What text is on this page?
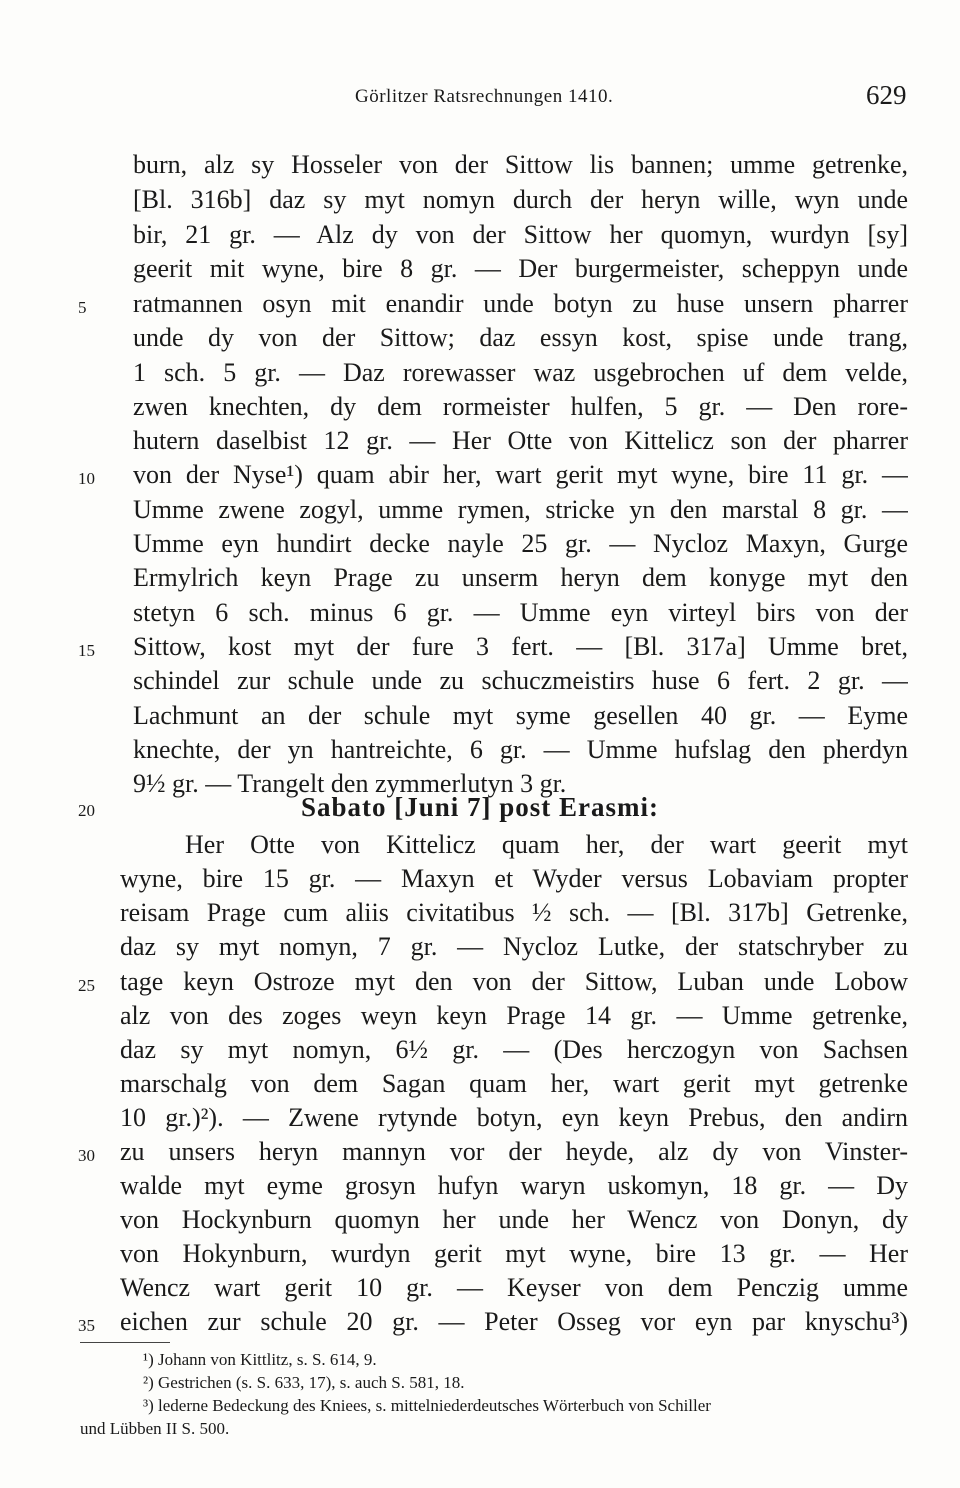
Görlitzer Ratsrechnungen 1410.	629
burn, alz sy Hosseler von der Sittow lis bannen; umme getrenke,
[Bl. 316b] daz sy myt nomyn durch der heryn wille, wyn unde
bir, 21 gr. — Alz dy von der Sittow her quomyn, wurdyn [sy]
geerit mit wyne, bire 8 gr. — Der burgermeister, scheppyn unde
ratmannen osyn mit enandir unde botyn zu huse unsern pharrer
unde dy von der Sittow; daz essyn kost, spise unde trang,
1 sch. 5 gr. — Daz rorewasser waz usgebrochen uf dem velde,
zwen knechten, dy dem rormeister hulfen, 5 gr. — Den rore-
hutern daselbist 12 gr. — Her Otte von Kittelicz son der pharrer
von der Nyse¹) quam abir her, wart gerit myt wyne, bire 11 gr. —
Umme zwene zogyl, umme rymen, stricke yn den marstal 8 gr. —
Umme eyn hundirt decke nayle 25 gr. — Nycloz Maxyn, Gurge
Ermylrich keyn Prage zu unserm heryn dem konyge myt den
stetyn 6 sch. minus 6 gr. — Umme eyn virteyl birs von der
Sittow, kost myt der fure 3 fert. — [Bl. 317a] Umme bret,
schindel zur schule unde zu schuczmeistirs huse 6 fert. 2 gr. —
Lachmunt an der schule myt syme gesellen 40 gr. — Eyme
knechte, der yn hantreichte, 6 gr. — Umme hufslag den pherdyn
9½ gr. — Trangelt den zymmerlutyn 3 gr.
Sabato [Juni 7] post Erasmi:
Her Otte von Kittelicz quam her, der wart geerit myt
wyne, bire 15 gr. — Maxyn et Wyder versus Lobaviam propter
reisam Prage cum aliis civitatibus ½ sch. — [Bl. 317b] Getrenke,
daz sy myt nomyn, 7 gr. — Nycloz Lutke, der statschryber zu
tage keyn Ostroze myt den von der Sittow, Luban unde Lobow
alz von des zoges weyn keyn Prage 14 gr. — Umme getrenke,
daz sy myt nomyn, 6½ gr. — (Des herczogyn von Sachsen
marschalg von dem Sagan quam her, wart gerit myt getrenke
10 gr.)²). — Zwene rytynde botyn, eyn keyn Prebus, den andirn
zu unsers heryn mannyn vor der heyde, alz dy von Vinster-
walde myt eyme grosyn hufyn waryn uskomyn, 18 gr. — Dy
von Hockynburn quomyn her unde her Wencz von Donyn, dy
von Hokynburn, wurdyn gerit myt wyne, bire 13 gr. — Her
Wencz wart gerit 10 gr. — Keyser von dem Penczig umme
eichen zur schule 20 gr. — Peter Osseg vor eyn par knyschu³)
5
10
15
20
25
30
35
¹) Johann von Kittlitz, s. S. 614, 9.
²) Gestrichen (s. S. 633, 17), s. auch S. 581, 18.
³) lederne Bedeckung des Kniees, s. mittelniederdeutsches Wörterbuch von Schiller
und Lübben II S. 500.
